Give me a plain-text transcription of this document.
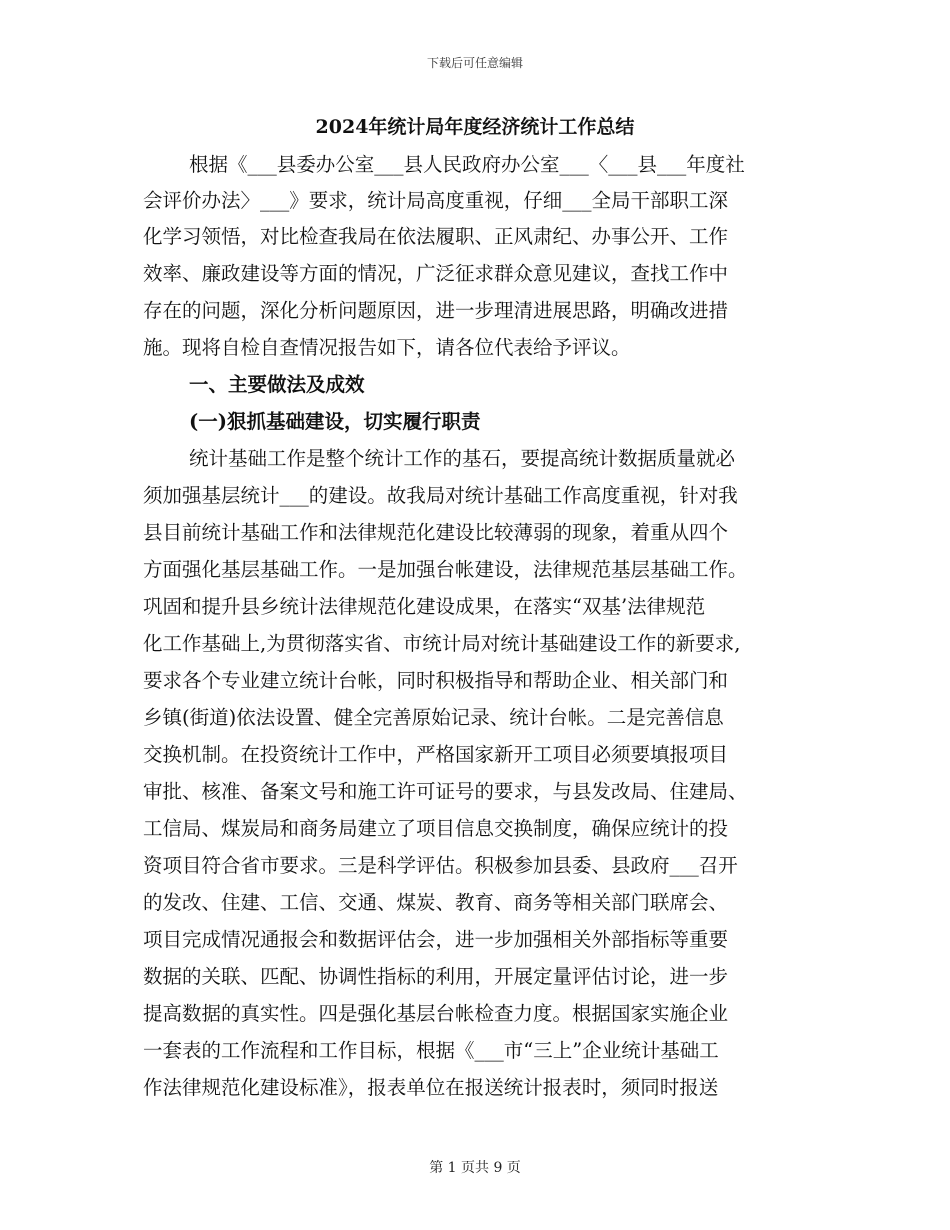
下载后可任意编辑
2024年统计局年度经济统计工作总结
根据《___县委办公室___县人民政府办公室___〈___县___年度社
会评价办法〉___》要求，统计局高度重视，仔细___全局干部职工深
化学习领悟，对比检查我局在依法履职、正风肃纪、办事公开、工作
效率、廉政建设等方面的情况，广泛征求群众意见建议，查找工作中
存在的问题，深化分析问题原因，进一步理清进展思路，明确改进措
施。现将自检自查情况报告如下，请各位代表给予评议。
一、主要做法及成效
(一)狠抓基础建设，切实履行职责
统计基础工作是整个统计工作的基石，要提高统计数据质量就必
须加强基层统计___的建设。故我局对统计基础工作高度重视，针对我
县目前统计基础工作和法律规范化建设比较薄弱的现象，着重从四个
方面强化基层基础工作。一是加强台帐建设，法律规范基层基础工作。
巩固和提升县乡统计法律规范化建设成果，在落实“双基’法律规范
化工作基础上,为贯彻落实省、市统计局对统计基础建设工作的新要求,
要求各个专业建立统计台帐，同时积极指导和帮助企业、相关部门和
乡镇(街道)依法设置、健全完善原始记录、统计台帐。二是完善信息
交换机制。在投资统计工作中，严格国家新开工项目必须要填报项目
审批、核准、备案文号和施工许可证号的要求，与县发改局、住建局、
工信局、煤炭局和商务局建立了项目信息交换制度，确保应统计的投
资项目符合省市要求。三是科学评估。积极参加县委、县政府___召开
的发改、住建、工信、交通、煤炭、教育、商务等相关部门联席会、
项目完成情况通报会和数据评估会，进一步加强相关外部指标等重要
数据的关联、匹配、协调性指标的利用，开展定量评估讨论，进一步
提高数据的真实性。四是强化基层台帐检查力度。根据国家实施企业
一套表的工作流程和工作目标，根据《___市“三上”企业统计基础工
作法律规范化建设标准》，报表单位在报送统计报表时，须同时报送
第 1 页共 9 页
